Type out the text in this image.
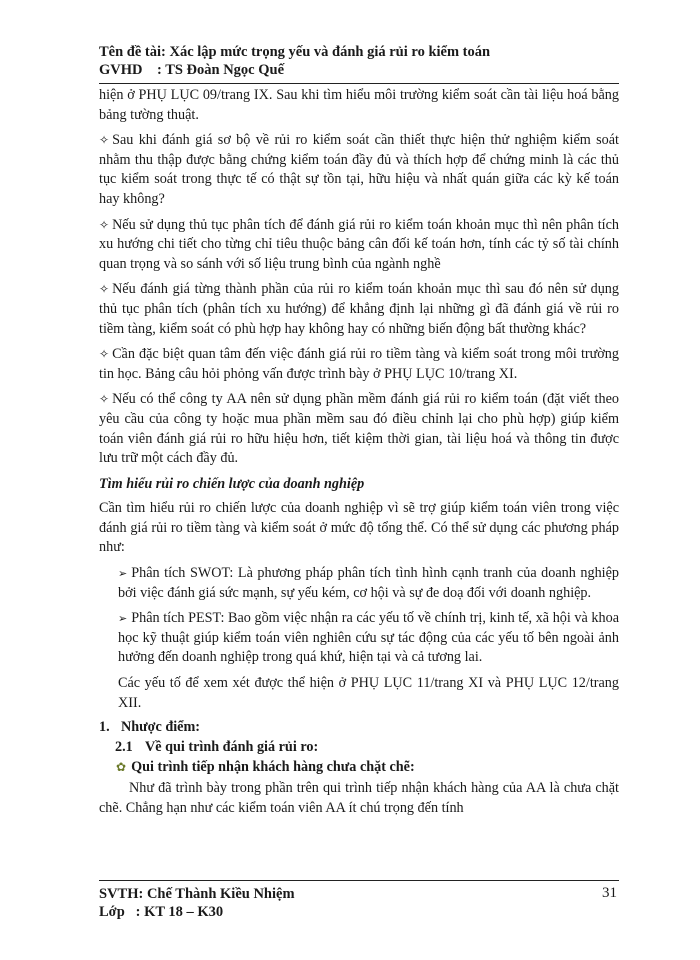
Tên đề tài: Xác lập mức trọng yếu và đánh giá rủi ro kiểm toán
GVHD    : TS Đoàn Ngọc Quế

hiện ở PHỤ LỤC 09/trang IX. Sau khi tìm hiểu môi trường kiểm soát cần tài liệu hoá bằng bảng tường thuật.

✧ Sau khi đánh giá sơ bộ về rủi ro kiểm soát cần thiết thực hiện thử nghiệm kiểm soát nhằm thu thập được bằng chứng kiểm toán đầy đủ và thích hợp để chứng minh là các thủ tục kiểm soát trong thực tế có thật sự tồn tại, hữu hiệu và nhất quán giữa các kỳ kế toán hay không?

✧ Nếu sử dụng thủ tục phân tích để đánh giá rủi ro kiểm toán khoản mục thì nên phân tích xu hướng chi tiết cho từng chỉ tiêu thuộc bảng cân đối kế toán hơn, tính các tỷ số tài chính quan trọng và so sánh với số liệu trung bình của ngành nghề

✧ Nếu đánh giá từng thành phần của rủi ro kiểm toán khoản mục thì sau đó nên sử dụng thủ tục phân tích (phân tích xu hướng) để khẳng định lại những gì đã đánh giá về rủi ro tiềm tàng, kiểm soát có phù hợp hay không hay có những biến động bất thường khác?

✧ Cần đặc biệt quan tâm đến việc đánh giá rủi ro tiềm tàng và kiểm soát trong môi trường tin học. Bảng câu hỏi phỏng vấn được trình bày ở PHỤ LỤC 10/trang XI.

✧ Nếu có thể công ty AA nên sử dụng phần mềm đánh giá rủi ro kiểm toán (đặt viết theo yêu cầu của công ty hoặc mua phần mềm sau đó điều chỉnh lại cho phù hợp) giúp kiểm toán viên đánh giá rủi ro hữu hiệu hơn, tiết kiệm thời gian, tài liệu hoá và thông tin được lưu trữ một cách đầy đủ.

Tìm hiểu rủi ro chiến lược của doanh nghiệp

Cần tìm hiểu rủi ro chiến lược của doanh nghiệp vì sẽ trợ giúp kiểm toán viên trong việc đánh giá rủi ro tiềm tàng và kiểm soát ở mức độ tổng thể. Có thể sử dụng các phương pháp như:

➢ Phân tích SWOT: Là phương pháp phân tích tình hình cạnh tranh của doanh nghiệp bởi việc đánh giá sức mạnh, sự yếu kém, cơ hội và sự đe doạ đối với doanh nghiệp.

➢ Phân tích PEST: Bao gồm việc nhận ra các yếu tố về chính trị, kinh tế, xã hội và khoa học kỹ thuật giúp kiểm toán viên nghiên cứu sự tác động của các yếu tố bên ngoài ảnh hưởng đến doanh nghiệp trong quá khứ, hiện tại và cả tương lai.

Các yếu tố để xem xét được thể hiện ở PHỤ LỤC 11/trang XI và PHỤ LỤC 12/trang XII.

1. Nhược điểm:
2.1 Về qui trình đánh giá rủi ro:
✿ Qui trình tiếp nhận khách hàng chưa chặt chẽ:

Như đã trình bày trong phần trên qui trình tiếp nhận khách hàng của AA là chưa chặt chẽ. Chẳng hạn như các kiểm toán viên AA ít chú trọng đến tính

SVTH: Chế Thành Kiều Nhiệm
Lớp   : KT 18 – K30
31
